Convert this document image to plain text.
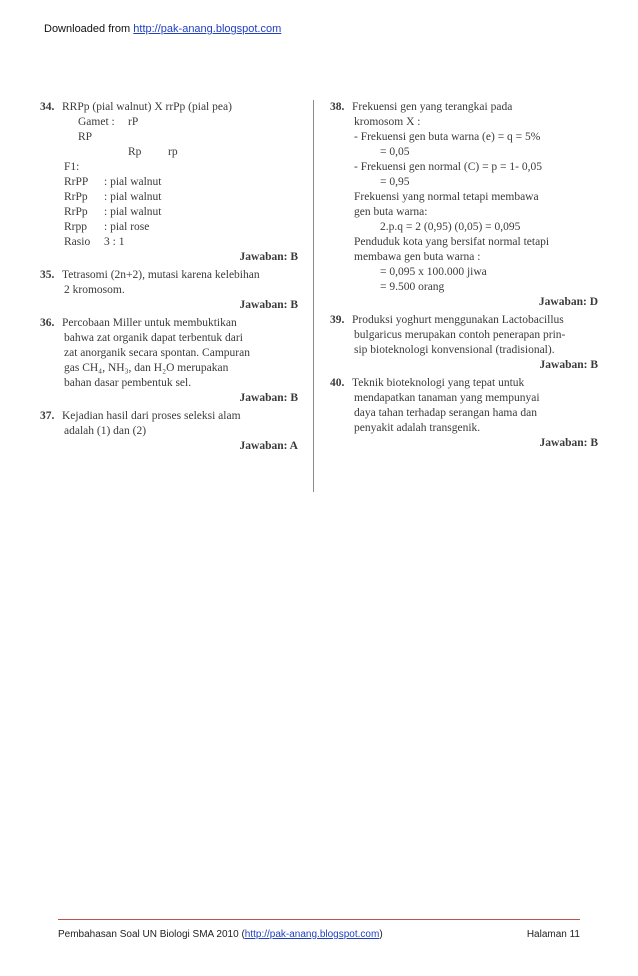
Downloaded from http://pak-anang.blogspot.com
34. RRPp (pial walnut) X rrPp (pial pea)
Gamet : RP
rP
Rp	rp
F1:
RrPP	: pial walnut
RrPp	: pial walnut
RrPp	: pial walnut
Rrpp	: pial rose
Rasio	3 : 1
Jawaban: B
35. Tetrasomi (2n+2), mutasi karena kelebihan
2 kromosom.
Jawaban: B
36. Percobaan Miller untuk membuktikan
bahwa zat organik dapat terbentuk dari
zat anorganik secara spontan. Campuran
gas CH₄, NH₃, dan H₂O merupakan
bahan dasar pembentuk sel.
Jawaban: B
37. Kejadian hasil dari proses seleksi alam
adalah (1) dan (2)
Jawaban: A
38. Frekuensi gen yang terangkai pada
kromosom X :
- Frekuensi gen buta warna (e) = q = 5%
= 0,05
- Frekuensi gen normal (C) = p = 1- 0,05
= 0,95
Frekuensi yang normal tetapi membawa
gen buta warna:
2.p.q = 2 (0,95) (0,05) = 0,095
Penduduk kota yang bersifat normal tetapi
membawa gen buta warna :
= 0,095 x 100.000 jiwa
= 9.500 orang
Jawaban: D
39. Produksi yoghurt menggunakan Lactobacillus
bulgaricus merupakan contoh penerapan prin-
sip bioteknologi konvensional (tradisional).
Jawaban: B
40. Teknik bioteknologi yang tepat untuk
mendapatkan tanaman yang mempunyai
daya tahan terhadap serangan hama dan
penyakit adalah transgenik.
Jawaban: B
Pembahasan Soal UN Biologi SMA 2010 (http://pak-anang.blogspot.com)	Halaman 11
